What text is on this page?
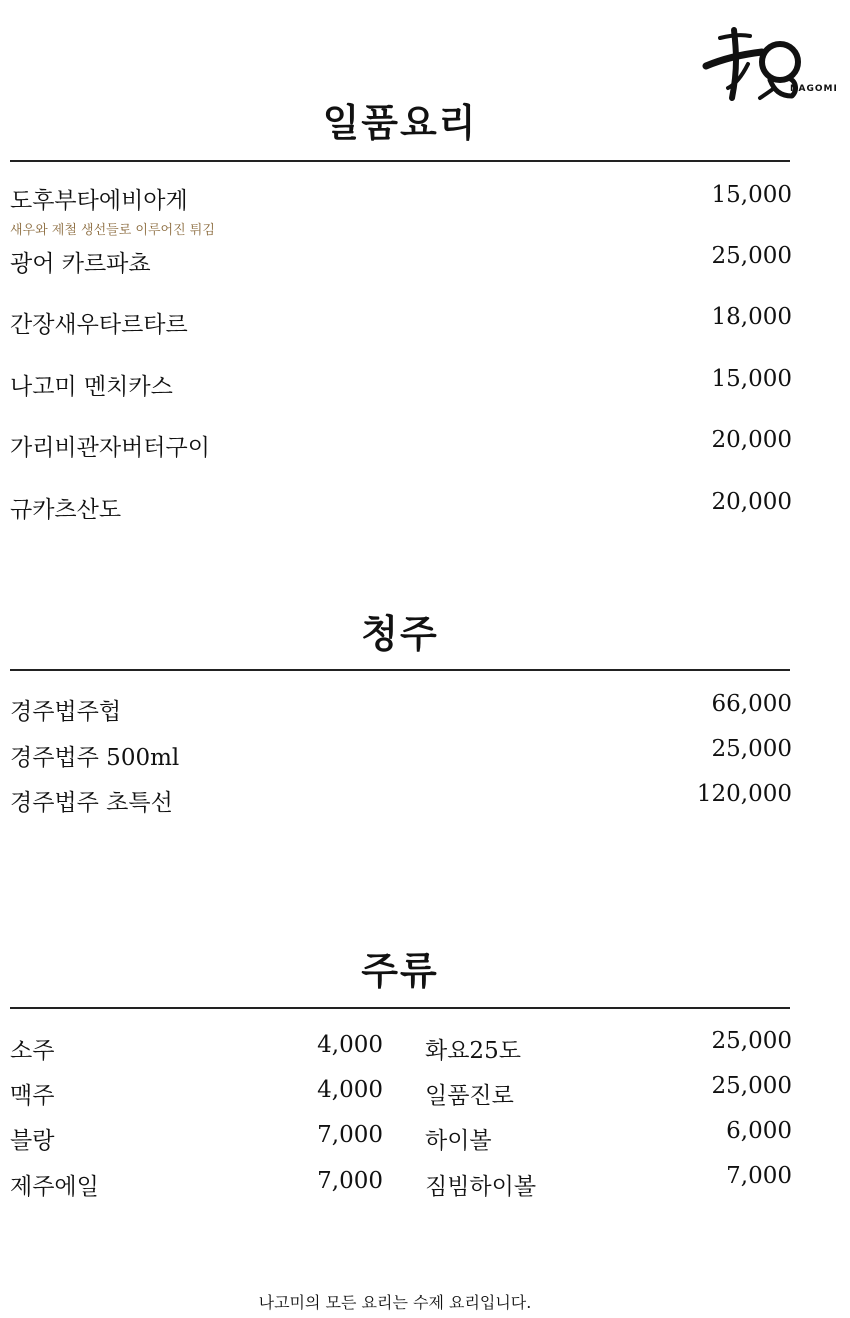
NAGOMI
일품요리
도후부타에비아게	15,000
새우와 제철 생선들로 이루어진 튀김
광어 카르파쵸	25,000
간장새우타르타르	18,000
나고미 멘치카스	15,000
가리비관자버터구이	20,000
규카츠산도	20,000
청주
경주법주헙	66,000
경주법주 500ml	25,000
경주법주 초특선	120,000
주류
소주	4,000 화요25도	25,000
맥주	4,000 일품진로	25,000
블랑	7,000 하이볼	6,000
제주에일	7,000 짐빔하이볼	7,000
나고미의 모든 요리는 수제 요리입니다.
